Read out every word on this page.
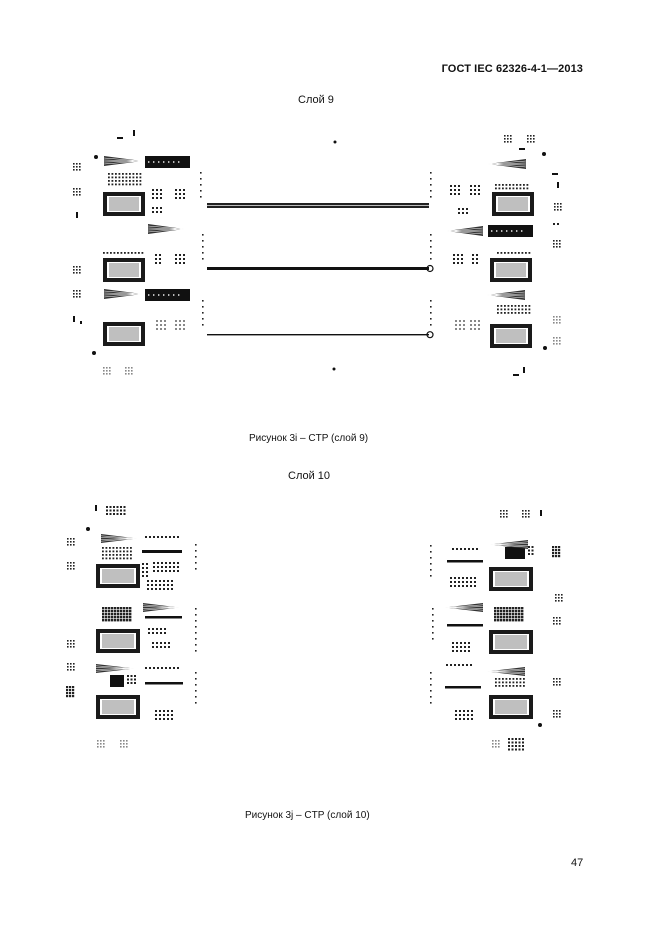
ГОСТ IEC 62326-4-1—2013
Слой 9
Рисунок 3i – CTP (слой 9)
Слой 10
Рисунок 3j – CTP (слой 10)
47
